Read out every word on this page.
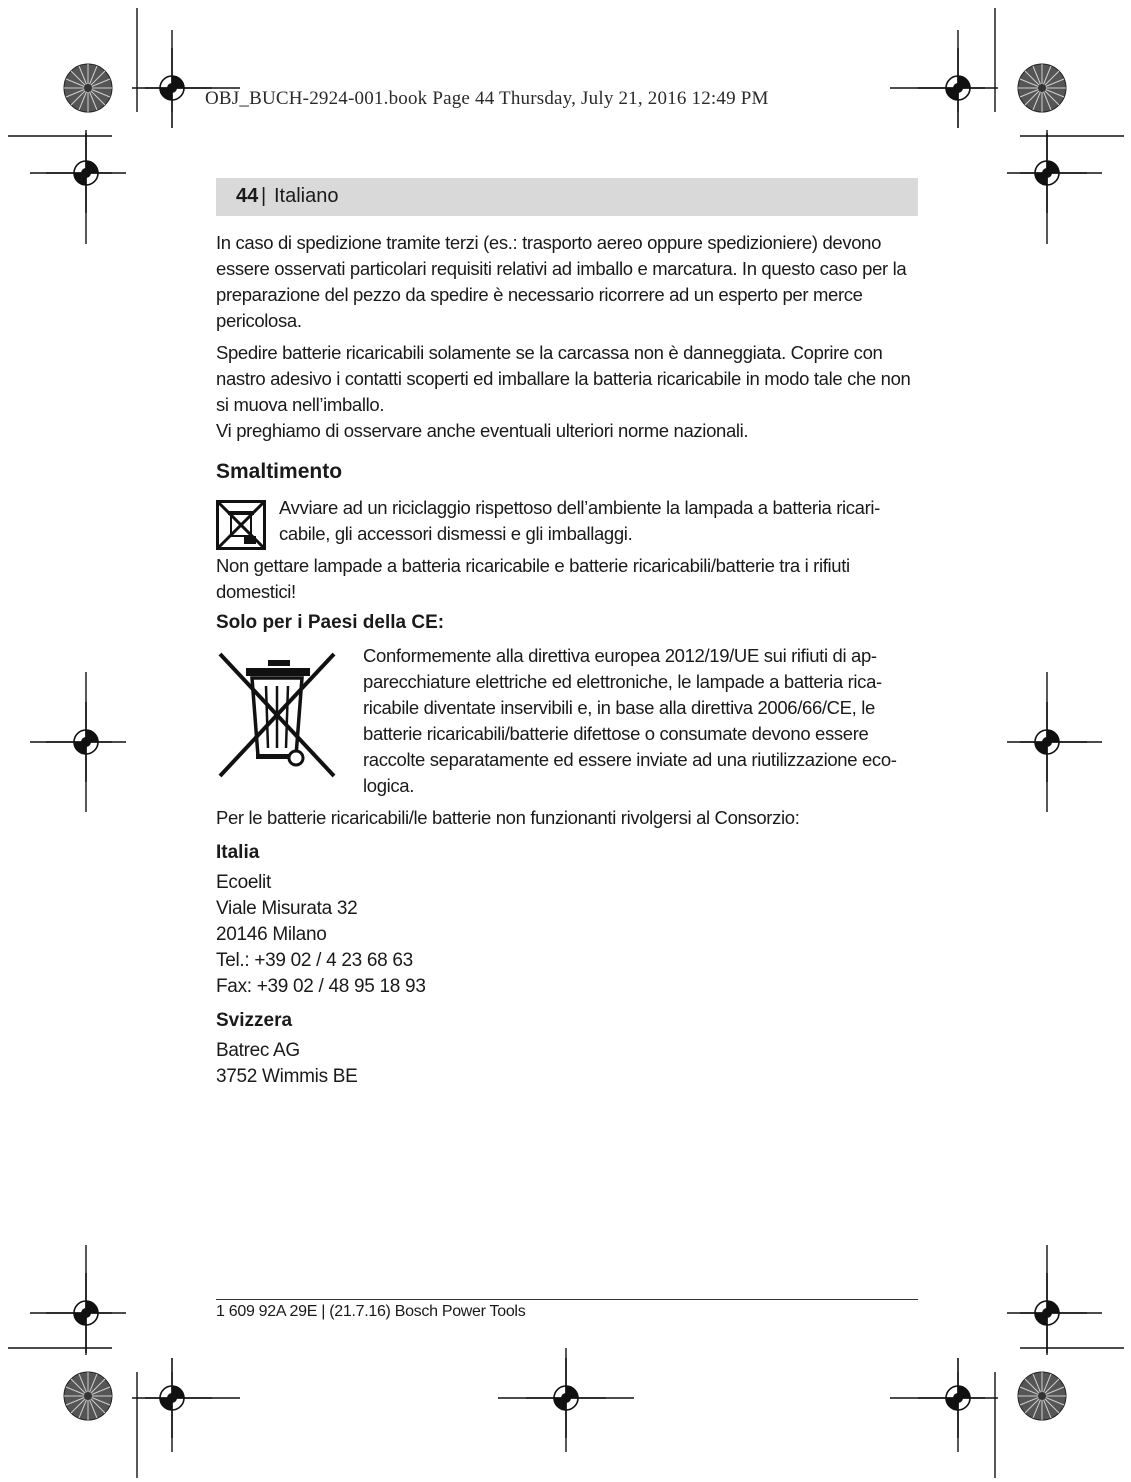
OBJ_BUCH-2924-001.book Page 44 Thursday, July 21, 2016 12:49 PM
44 | Italiano

In caso di spedizione tramite terzi (es.: trasporto aereo oppure spedizioniere) devono essere osservati particolari requisiti relativi ad imballo e marcatura. In questo caso per la preparazione del pezzo da spedire è necessario ricorrere ad un esperto per merce pericolosa.

Spedire batterie ricaricabili solamente se la carcassa non è danneggiata. Coprire con nastro adesivo i contatti scoperti ed imballare la batteria ricaricabile in modo tale che non si muova nell’imballo.

Vi preghiamo di osservare anche eventuali ulteriori norme nazionali.

Smaltimento

Avviare ad un riciclaggio rispettoso dell’ambiente la lampada a batteria ricari-cabile, gli accessori dismessi e gli imballaggi.

Non gettare lampade a batteria ricaricabile e batterie ricaricabili/batterie tra i rifiuti domestici!

Solo per i Paesi della CE:

Conformemente alla direttiva europea 2012/19/UE sui rifiuti di ap-parecchiature elettriche ed elettroniche, le lampade a batteria rica-ricabile diventate inservibili e, in base alla direttiva 2006/66/CE, le batterie ricaricabili/batterie difettose o consumate devono essere raccolte separatamente ed essere inviate ad una riutilizzazione eco-logica.

Per le batterie ricaricabili/le batterie non funzionanti rivolgersi al Consorzio:

Italia

Ecoelit

Viale Misurata 32

20146 Milano

Tel.: +39 02 / 4 23 68 63

Fax: +39 02 / 48 95 18 93

Svizzera

Batrec AG

3752 Wimmis BE

1 609 92A 29E | (21.7.16) Bosch Power Tools
